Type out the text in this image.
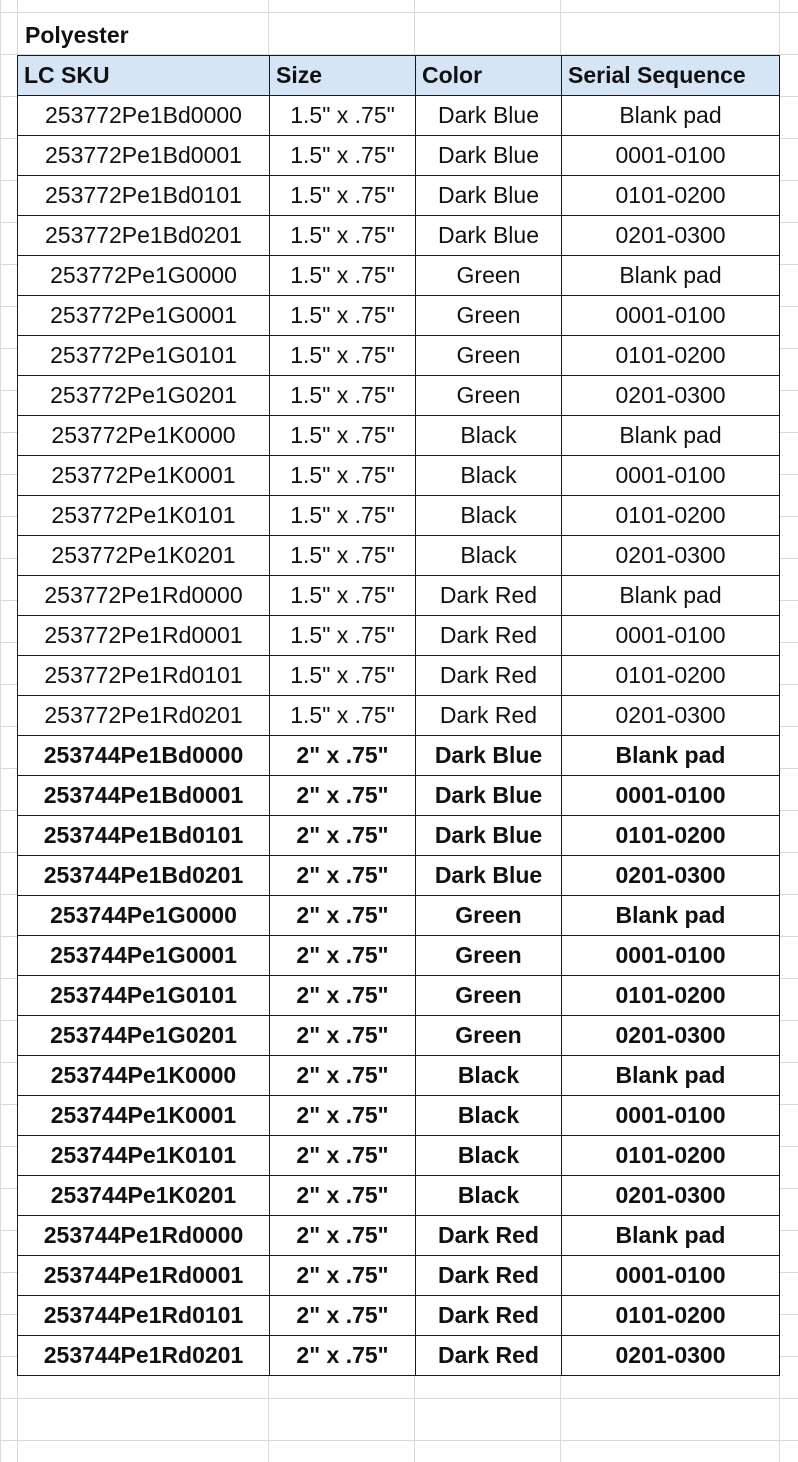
Polyester
LC SKU	Size	Color	Serial Sequence
253772Pe1Bd0000	1.5" x .75"	Dark Blue	Blank pad
253772Pe1Bd0001	1.5" x .75"	Dark Blue	0001-0100
253772Pe1Bd0101	1.5" x .75"	Dark Blue	0101-0200
253772Pe1Bd0201	1.5" x .75"	Dark Blue	0201-0300
253772Pe1G0000	1.5" x .75"	Green	Blank pad
253772Pe1G0001	1.5" x .75"	Green	0001-0100
253772Pe1G0101	1.5" x .75"	Green	0101-0200
253772Pe1G0201	1.5" x .75"	Green	0201-0300
253772Pe1K0000	1.5" x .75"	Black	Blank pad
253772Pe1K0001	1.5" x .75"	Black	0001-0100
253772Pe1K0101	1.5" x .75"	Black	0101-0200
253772Pe1K0201	1.5" x .75"	Black	0201-0300
253772Pe1Rd0000	1.5" x .75"	Dark Red	Blank pad
253772Pe1Rd0001	1.5" x .75"	Dark Red	0001-0100
253772Pe1Rd0101	1.5" x .75"	Dark Red	0101-0200
253772Pe1Rd0201	1.5" x .75"	Dark Red	0201-0300
253744Pe1Bd0000	2" x .75"	Dark Blue	Blank pad
253744Pe1Bd0001	2" x .75"	Dark Blue	0001-0100
253744Pe1Bd0101	2" x .75"	Dark Blue	0101-0200
253744Pe1Bd0201	2" x .75"	Dark Blue	0201-0300
253744Pe1G0000	2" x .75"	Green	Blank pad
253744Pe1G0001	2" x .75"	Green	0001-0100
253744Pe1G0101	2" x .75"	Green	0101-0200
253744Pe1G0201	2" x .75"	Green	0201-0300
253744Pe1K0000	2" x .75"	Black	Blank pad
253744Pe1K0001	2" x .75"	Black	0001-0100
253744Pe1K0101	2" x .75"	Black	0101-0200
253744Pe1K0201	2" x .75"	Black	0201-0300
253744Pe1Rd0000	2" x .75"	Dark Red	Blank pad
253744Pe1Rd0001	2" x .75"	Dark Red	0001-0100
253744Pe1Rd0101	2" x .75"	Dark Red	0101-0200
253744Pe1Rd0201	2" x .75"	Dark Red	0201-0300
